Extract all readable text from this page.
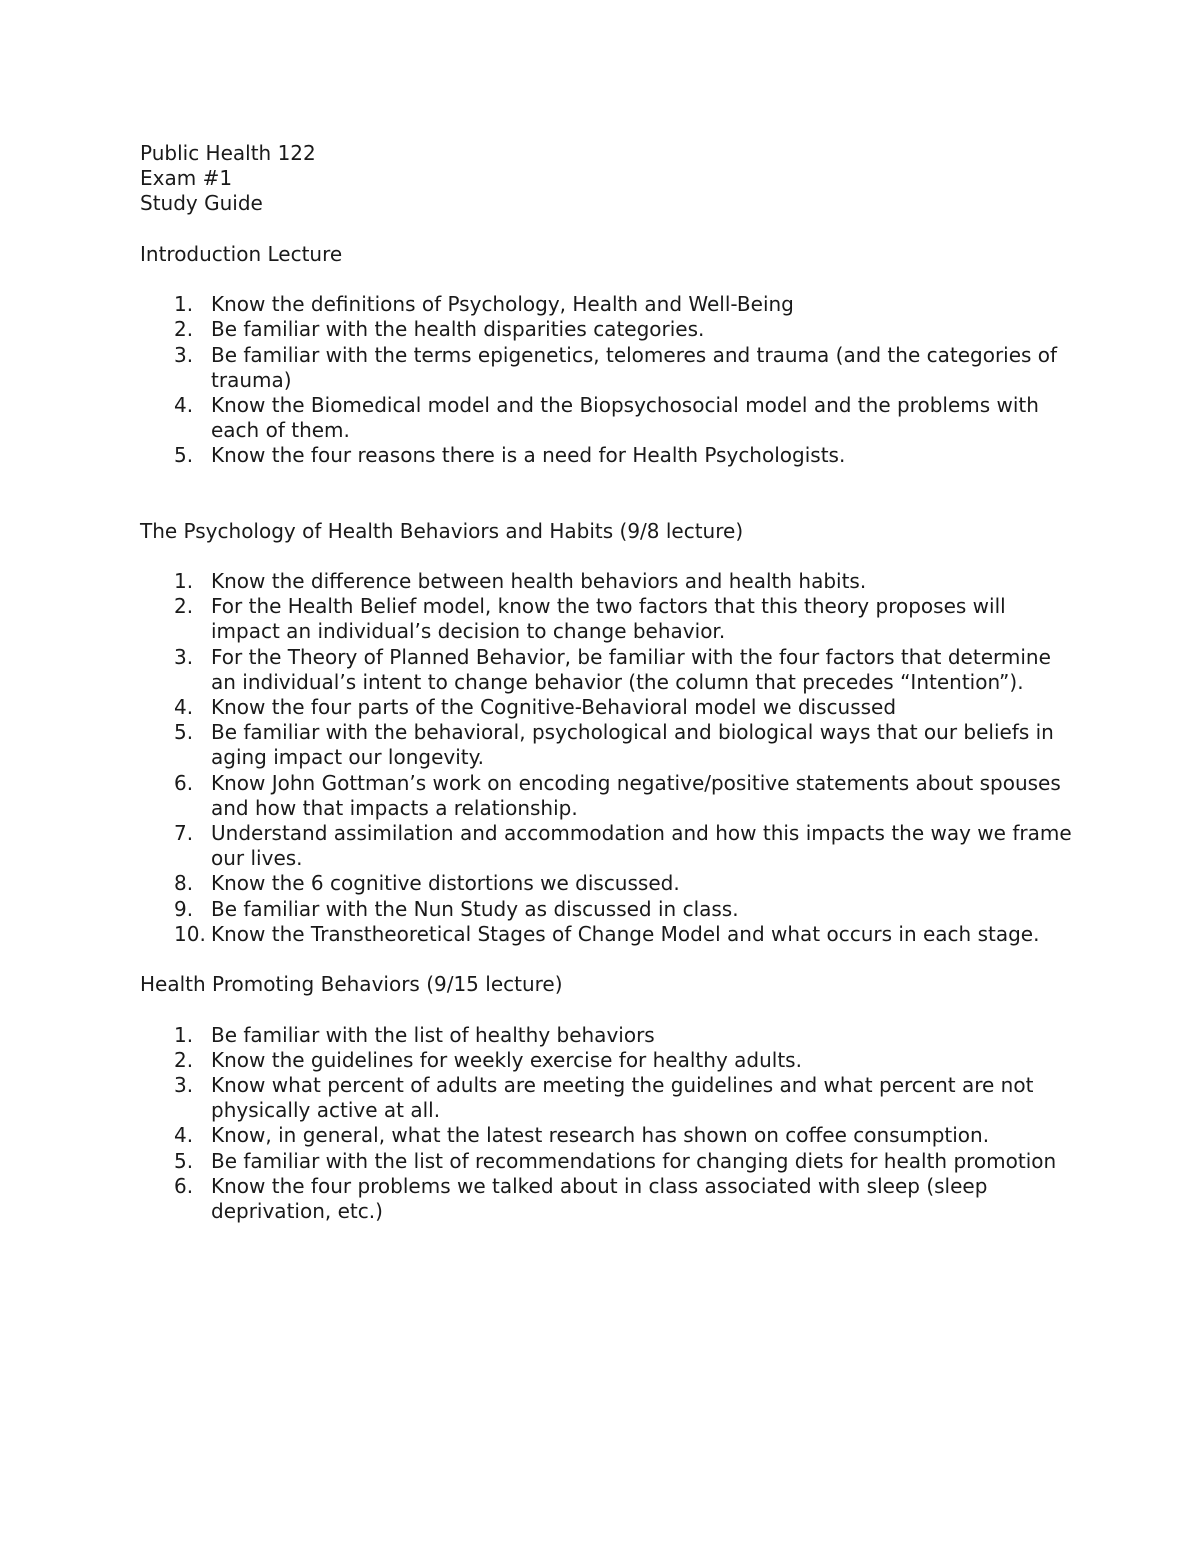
Public Health 122
Exam #1
Study Guide
Introduction Lecture
1. Know the definitions of Psychology, Health and Well-Being
2. Be familiar with the health disparities categories.
3. Be familiar with the terms epigenetics, telomeres and trauma (and the categories of trauma)
4. Know the Biomedical model and the Biopsychosocial model and the problems with each of them.
5. Know the four reasons there is a need for Health Psychologists.
The Psychology of Health Behaviors and Habits (9/8 lecture)
1. Know the difference between health behaviors and health habits.
2. For the Health Belief model, know the two factors that this theory proposes will impact an individual’s decision to change behavior.
3. For the Theory of Planned Behavior, be familiar with the four factors that determine an individual’s intent to change behavior (the column that precedes “Intention”).
4. Know the four parts of the Cognitive-Behavioral model we discussed
5. Be familiar with the behavioral, psychological and biological ways that our beliefs in aging impact our longevity.
6. Know John Gottman’s work on encoding negative/positive statements about spouses and how that impacts a relationship.
7. Understand assimilation and accommodation and how this impacts the way we frame our lives.
8. Know the 6 cognitive distortions we discussed.
9. Be familiar with the Nun Study as discussed in class.
10. Know the Transtheoretical Stages of Change Model and what occurs in each stage.
Health Promoting Behaviors (9/15 lecture)
1. Be familiar with the list of healthy behaviors
2. Know the guidelines for weekly exercise for healthy adults.
3. Know what percent of adults are meeting the guidelines and what percent are not physically active at all.
4. Know, in general, what the latest research has shown on coffee consumption.
5. Be familiar with the list of recommendations for changing diets for health promotion
6. Know the four problems we talked about in class associated with sleep (sleep deprivation, etc.)
